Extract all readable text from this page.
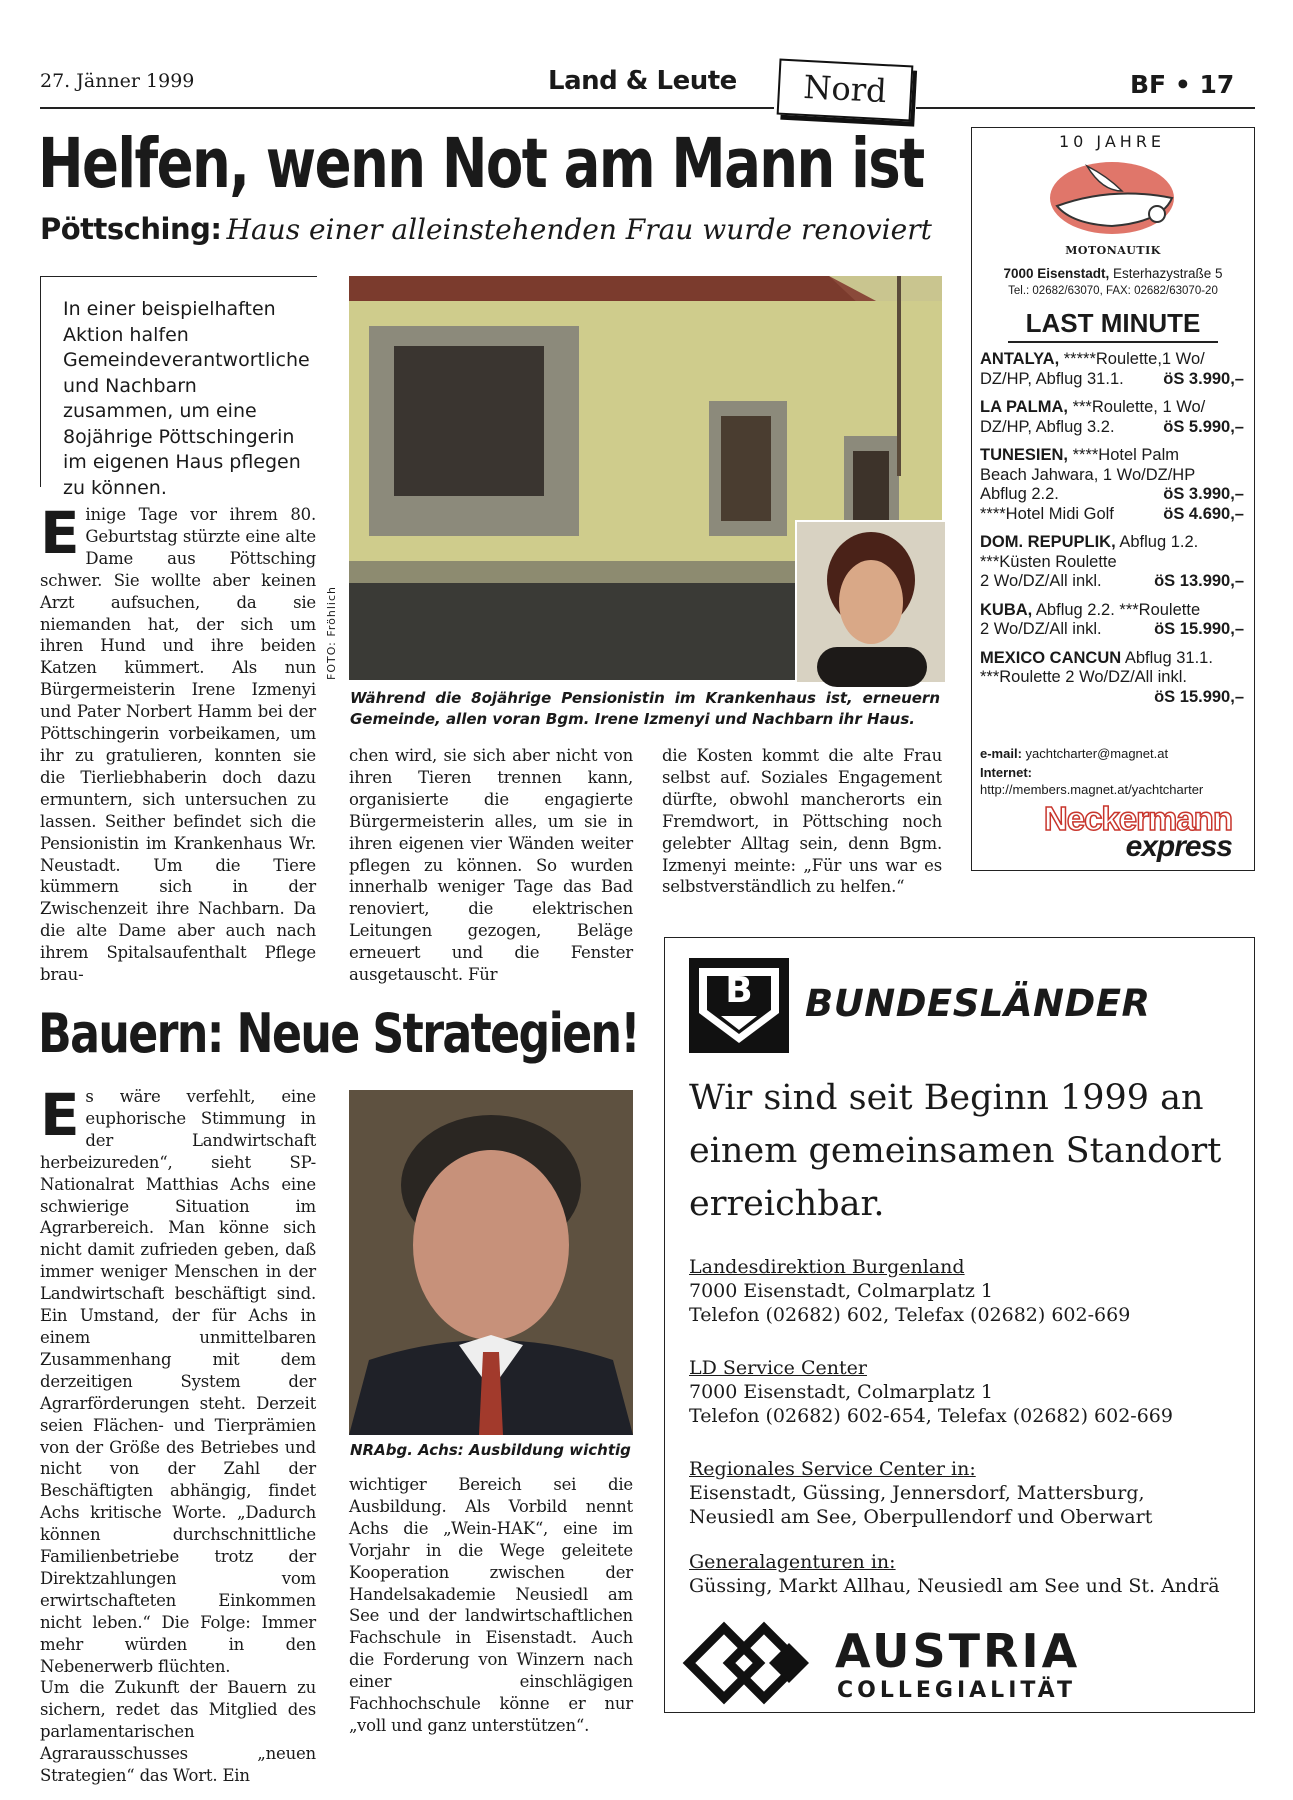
27. Jänner 1999	Land & Leute	Nord	BF • 17
Helfen, wenn Not am Mann ist
Pöttsching: Haus einer alleinstehenden Frau wurde renoviert
In einer beispielhaften Aktion halfen Gemeindeverantwortliche und Nachbarn zusammen, um eine 8ojährige Pöttschingerin im eigenen Haus pflegen zu können.
Einige Tage vor ihrem 80. Geburtstag stürzte eine alte Dame aus Pöttsching schwer. Sie wollte aber keinen Arzt aufsuchen, da sie niemanden hat, der sich um ihren Hund und ihre beiden Katzen kümmert. Als nun Bürgermeisterin Irene Izmenyi und Pater Norbert Hamm bei der Pöttschingerin vorbeikamen, um ihr zu gratulieren, konnten sie die Tierliebhaberin doch dazu ermuntern, sich untersuchen zu lassen. Seither befindet sich die Pensionistin im Krankenhaus Wr. Neustadt. Um die Tiere kümmern sich in der Zwischenzeit ihre Nachbarn. Da die alte Dame aber auch nach ihrem Spitalsaufenthalt Pflege brau-
FOTO: Fröhlich
Während die 8ojährige Pensionistin im Krankenhaus ist, erneuern Gemeinde, allen voran Bgm. Irene Izmenyi und Nachbarn ihr Haus.
chen wird, sie sich aber nicht von ihren Tieren trennen kann, organisierte die engagierte Bürgermeisterin alles, um sie in ihren eigenen vier Wänden weiter pflegen zu können. So wurden innerhalb weniger Tage das Bad renoviert, die elektrischen Leitungen gezogen, Beläge erneuert und die Fenster ausgetauscht. Für
die Kosten kommt die alte Frau selbst auf. Soziales Engagement dürfte, obwohl mancherorts ein Fremdwort, in Pöttsching noch gelebter Alltag sein, denn Bgm. Izmenyi meinte: „Für uns war es selbstverständlich zu helfen.“
Bauern: Neue Strategien!
Es wäre verfehlt, eine euphorische Stimmung in der Landwirtschaft herbeizureden“, sieht SP-Nationalrat Matthias Achs eine schwierige Situation im Agrarbereich. Man könne sich nicht damit zufrieden geben, daß immer weniger Menschen in der Landwirtschaft beschäftigt sind. Ein Umstand, der für Achs in einem unmittelbaren Zusammenhang mit dem derzeitigen System der Agrarförderungen steht. Derzeit seien Flächen- und Tierprämien von der Größe des Betriebes und nicht von der Zahl der Beschäftigten abhängig, findet Achs kritische Worte. „Dadurch können durchschnittliche Familienbetriebe trotz der Direktzahlungen vom erwirtschafteten Einkommen nicht leben.“ Die Folge: Immer mehr würden in den Nebenerwerb flüchten.
Um die Zukunft der Bauern zu sichern, redet das Mitglied des parlamentarischen Agrarausschusses „neuen Strategien“ das Wort. Ein
NRAbg. Achs: Ausbildung wichtig
wichtiger Bereich sei die Ausbildung. Als Vorbild nennt Achs die „Wein-HAK“, eine im Vorjahr in die Wege geleitete Kooperation zwischen der Handelsakademie Neusiedl am See und der landwirtschaftlichen Fachschule in Eisenstadt. Auch die Forderung von Winzern nach einer einschlägigen Fachhochschule könne er nur „voll und ganz unterstützen“.
10 JAHRE
MOTONAUTIK
7000 Eisenstadt, Esterhazystraße 5
Tel.: 02682/63070, FAX: 02682/63070-20
LAST MINUTE

ANTALYA, *****Roulette,1 Wo/

DZ/HP, Abflug 31.1. öS 3.990,–

LA PALMA, ***Roulette, 1 Wo/

DZ/HP, Abflug 3.2.	öS 5.990,–

TUNESIEN, ****Hotel Palm

Beach Jahwara, 1 Wo/DZ/HP

Abflug 2.2.	öS 3.990,–

****Hotel Midi Golf	öS 4.690,–

DOM. REPUPLIK, Abflug 1.2.

***Küsten Roulette

2 Wo/DZ/All inkl.	öS 13.990,–

KUBA, Abflug 2.2. ***Roulette

2 Wo/DZ/All inkl.	öS 15.990,–

MEXICO CANCUN Abflug 31.1.

***Roulette 2 Wo/DZ/All inkl.

öS 15.990,–

e-mail: yachtcharter@magnet.at
Internet:
http://members.magnet.at/yachtcharter
Neckermann
express
B	BUNDESLÄNDER
Wir sind seit Beginn 1999 an einem gemeinsamen Standort erreichbar.
Landesdirektion Burgenland
7000 Eisenstadt, Colmarplatz 1
Telefon (02682) 602, Telefax (02682) 602-669
LD Service Center
7000 Eisenstadt, Colmarplatz 1
Telefon (02682) 602-654, Telefax (02682) 602-669
Regionales Service Center in:
Eisenstadt, Güssing, Jennersdorf, Mattersburg,
Neusiedl am See, Oberpullendorf und Oberwart
Generalagenturen in:
Güssing, Markt Allhau, Neusiedl am See und St. Andrä
AUSTRIA
COLLEGIALITÄT
